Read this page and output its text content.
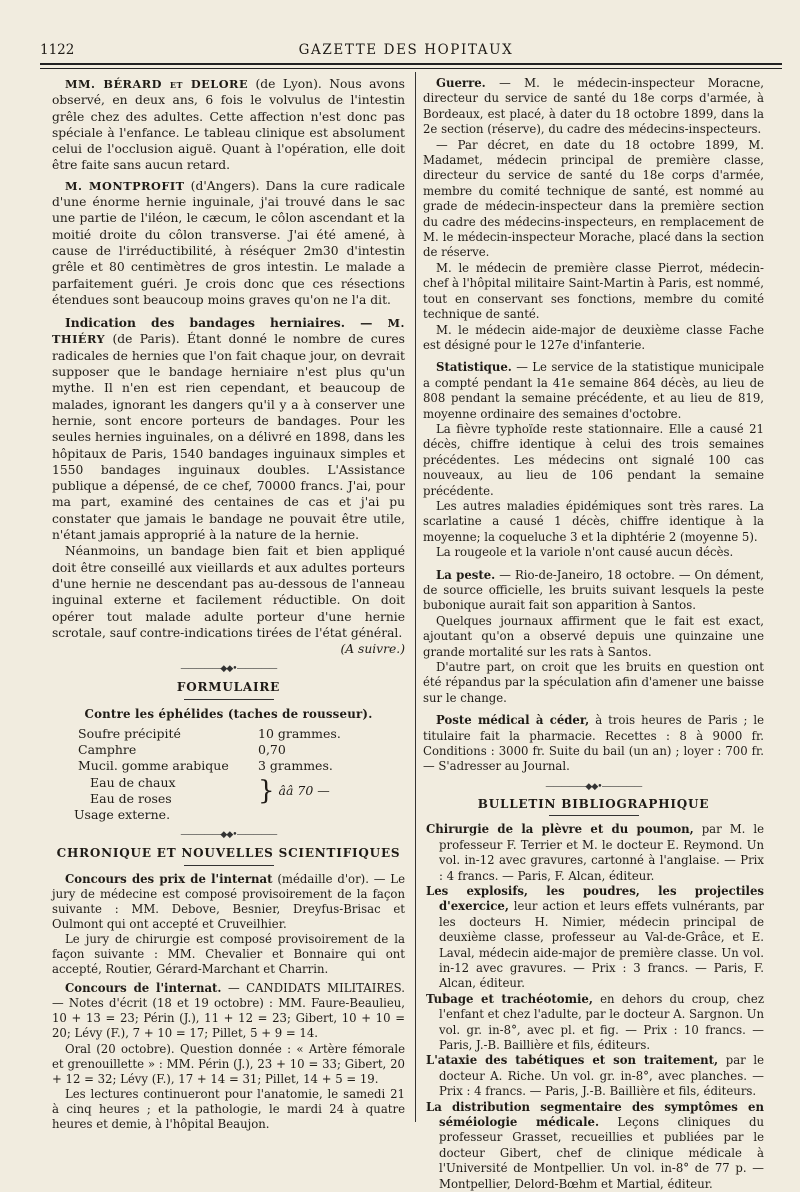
1122	GAZETTE DES HOPITAUX

MM. BÉRARD et DELORE (de Lyon). Nous avons observé, en deux ans, 6 fois le volvulus de l'intestin grêle chez des adultes. Cette affection n'est donc pas spéciale à l'enfance. Le tableau clinique est absolument celui de l'occlusion aiguë. Quant à l'opération, elle doit être faite sans aucun retard.

M. MONTPROFIT (d'Angers). Dans la cure radicale d'une énorme hernie inguinale, j'ai trouvé dans le sac une partie de l'iléon, le cæcum, le côlon ascendant et la moitié droite du côlon transverse. J'ai été amené, à cause de l'irréductibilité, à réséquer 2m30 d'intestin grêle et 80 centimètres de gros intestin. Le malade a parfaitement guéri. Je crois donc que ces résections étendues sont beaucoup moins graves qu'on ne l'a dit.

Indication des bandages herniaires. — M. THIÉRY (de Paris). Étant donné le nombre de cures radicales de hernies que l'on fait chaque jour, on devrait supposer que le bandage herniaire n'est plus qu'un mythe. Il n'en est rien cependant, et beaucoup de malades, ignorant les dangers qu'il y a à conserver une hernie, sont encore porteurs de bandages. Pour les seules hernies inguinales, on a délivré en 1898, dans les hôpitaux de Paris, 1540 bandages inguinaux simples et 1550 bandages inguinaux doubles. L'Assistance publique a dépensé, de ce chef, 70000 francs. J'ai, pour ma part, examiné des centaines de cas et j'ai pu constater que jamais le bandage ne pouvait être utile, n'étant jamais approprié à la nature de la hernie.

Néanmoins, un bandage bien fait et bien appliqué doit être conseillé aux vieillards et aux adultes porteurs d'une hernie ne descendant pas au-dessous de l'anneau inguinal externe et facilement réductible. On doit opérer tout malade adulte porteur d'une hernie scrotale, sauf contre-indications tirées de l'état général.
(A suivre.)

—————◆◆•—————
FORMULAIRE
Contre les éphélides (taches de rousseur).
Soufre précipité	10 grammes.
Camphre	0,70
Mucil. gomme arabique	3 grammes.
Eau de chaux
Eau de roses	} ââ 70 —
Usage externe.
—————◆◆•—————
CHRONIQUE ET NOUVELLES SCIENTIFIQUES

Concours des prix de l'internat (médaille d'or). — Le jury de médecine est composé provisoirement de la façon suivante : MM. Debove, Besnier, Dreyfus-Brisac et Oulmont qui ont accepté et Cruveilhier.

Le jury de chirurgie est composé provisoirement de la façon suivante : MM. Chevalier et Bonnaire qui ont accepté, Routier, Gérard-Marchant et Charrin.

Concours de l'internat. — CANDIDATS MILITAIRES. — Notes d'écrit (18 et 19 octobre) : MM. Faure-Beaulieu, 10 + 13 = 23; Périn (J.), 11 + 12 = 23; Gibert, 10 + 10 = 20; Lévy (F.), 7 + 10 = 17; Pillet, 5 + 9 = 14.

Oral (20 octobre). Question donnée : « Artère fémorale et grenouillette » : MM. Périn (J.), 23 + 10 = 33; Gibert, 20 + 12 = 32; Lévy (F.), 17 + 14 = 31; Pillet, 14 + 5 = 19.

Les lectures continueront pour l'anatomie, le samedi 21 à cinq heures ; et la pathologie, le mardi 24 à quatre heures et demie, à l'hôpital Beaujon.

Guerre. — M. le médecin-inspecteur Moracne, directeur du service de santé du 18e corps d'armée, à Bordeaux, est placé, à dater du 18 octobre 1899, dans la 2e section (réserve), du cadre des médecins-inspecteurs.

— Par décret, en date du 18 octobre 1899, M. Madamet, médecin principal de première classe, directeur du service de santé du 18e corps d'armée, membre du comité technique de santé, est nommé au grade de médecin-inspecteur dans la première section du cadre des médecins-inspecteurs, en remplacement de M. le médecin-inspecteur Morache, placé dans la section de réserve.

M. le médecin de première classe Pierrot, médecin-chef à l'hôpital militaire Saint-Martin à Paris, est nommé, tout en conservant ses fonctions, membre du comité technique de santé.

M. le médecin aide-major de deuxième classe Fache est désigné pour le 127e d'infanterie.

Statistique. — Le service de la statistique municipale a compté pendant la 41e semaine 864 décès, au lieu de 808 pendant la semaine précédente, et au lieu de 819, moyenne ordinaire des semaines d'octobre.

La fièvre typhoïde reste stationnaire. Elle a causé 21 décès, chiffre identique à celui des trois semaines précédentes. Les médecins ont signalé 100 cas nouveaux, au lieu de 106 pendant la semaine précédente.

Les autres maladies épidémiques sont très rares. La scarlatine a causé 1 décès, chiffre identique à la moyenne; la coqueluche 3 et la diphtérie 2 (moyenne 5).

La rougeole et la variole n'ont causé aucun décès.

La peste. — Rio-de-Janeiro, 18 octobre. — On dément, de source officielle, les bruits suivant lesquels la peste bubonique aurait fait son apparition à Santos.

Quelques journaux affirment que le fait est exact, ajoutant qu'on a observé depuis une quinzaine une grande mortalité sur les rats à Santos.

D'autre part, on croit que les bruits en question ont été répandus par la spéculation afin d'amener une baisse sur le change.

Poste médical à céder, à trois heures de Paris ; le titulaire fait la pharmacie. Recettes : 8 à 9000 fr. Conditions : 3000 fr. Suite du bail (un an) ; loyer : 700 fr. — S'adresser au Journal.

—————◆◆•—————
BULLETIN BIBLIOGRAPHIQUE

Chirurgie de la plèvre et du poumon, par M. le professeur F. Terrier et M. le docteur E. Reymond. Un vol. in-12 avec gravures, cartonné à l'anglaise. — Prix : 4 francs. — Paris, F. Alcan, éditeur.

Les explosifs, les poudres, les projectiles d'exercice, leur action et leurs effets vulnérants, par les docteurs H. Nimier, médecin principal de deuxième classe, professeur au Val-de-Grâce, et E. Laval, médecin aide-major de première classe. Un vol. in-12 avec gravures. — Prix : 3 francs. — Paris, F. Alcan, éditeur.

Tubage et trachéotomie, en dehors du croup, chez l'enfant et chez l'adulte, par le docteur A. Sargnon. Un vol. gr. in-8°, avec pl. et fig. — Prix : 10 francs. — Paris, J.-B. Baillière et fils, éditeurs.

L'ataxie des tabétiques et son traitement, par le docteur A. Riche. Un vol. gr. in-8°, avec planches. — Prix : 4 francs. — Paris, J.-B. Baillière et fils, éditeurs.

La distribution segmentaire des symptômes en séméiologie médicale. Leçons cliniques du professeur Grasset, recueillies et publiées par le docteur Gibert, chef de clinique médicale à l'Université de Montpellier. Un vol. in-8° de 77 p. — Montpellier, Delord-Bœhm et Martial, éditeur.
